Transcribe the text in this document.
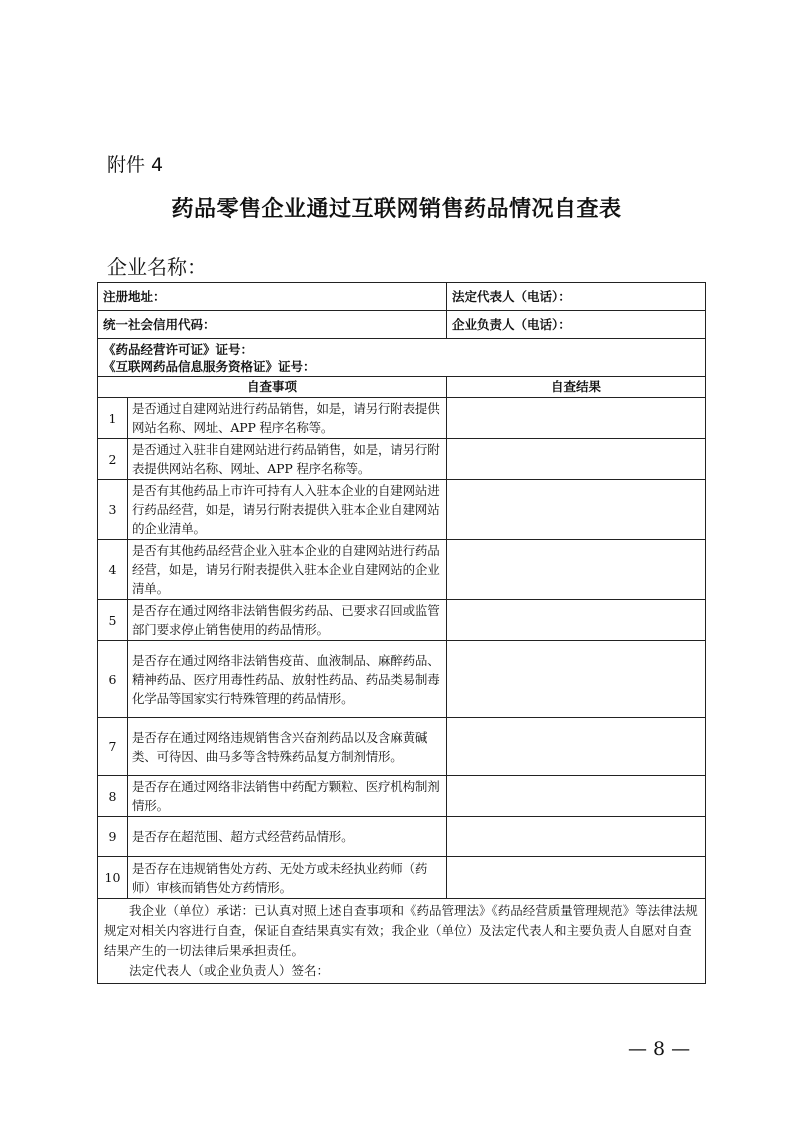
附件 4
药品零售企业通过互联网销售药品情况自查表
企业名称：
注册地址：		法定代表人（电话）：
统一社会信用代码：		企业负责人（电话）：

《药品经营许可证》证号：
《互联网药品信息服务资格证》证号：		

自查事项		自查结果
1	是否通过自建网站进行药品销售，如是，请另行附表提供网站名称、网址、APP 程序名称等。	
2	是否通过入驻非自建网站进行药品销售，如是，请另行附表提供网站名称、网址、APP 程序名称等。	
3	是否有其他药品上市许可持有人入驻本企业的自建网站进行药品经营，如是，请另行附表提供入驻本企业自建网站的企业清单。	
4	是否有其他药品经营企业入驻本企业的自建网站进行药品经营，如是，请另行附表提供入驻本企业自建网站的企业清单。	
5	是否存在通过网络非法销售假劣药品、已要求召回或监管部门要求停止销售使用的药品情形。	
6	是否存在通过网络非法销售疫苗、血液制品、麻醉药品、精神药品、医疗用毒性药品、放射性药品、药品类易制毒化学品等国家实行特殊管理的药品情形。	
7	是否存在通过网络违规销售含兴奋剂药品以及含麻黄碱类、可待因、曲马多等含特殊药品复方制剂情形。	
8	是否存在通过网络非法销售中药配方颗粒、医疗机构制剂情形。	
9	是否存在超范围、超方式经营药品情形。	
10	是否存在违规销售处方药、无处方或未经执业药师（药师）审核而销售处方药情形。	

我企业（单位）承诺：已认真对照上述自查事项和《药品管理法》《药品经营质量管理规范》等法律法规规定对相关内容进行自查，保证自查结果真实有效；我企业（单位）及法定代表人和主要负责人自愿对自查结果产生的一切法律后果承担责任。
法定代表人（或企业负责人）签名：		
— 8 —
